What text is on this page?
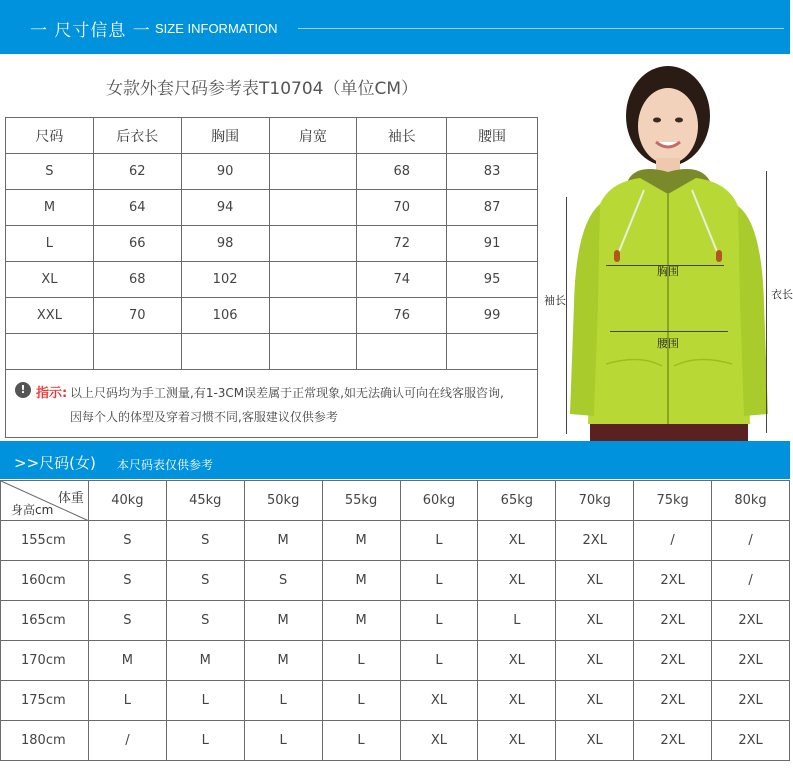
一 尺寸信息 一 SIZE INFORMATION
女款外套尺码参考表T10704（单位CM）
尺码	后衣长	胸围	肩宽	袖长	腰围
S	62	90		68	83
M	64	94		70	87
L	66	98		72	91
XL	68	102		74	95
XXL	70	106		76	99

! 指示: 以上尺码均为手工测量,有1-3CM误差属于正常现象,如无法确认可向在线客服咨询,
因每个人的体型及穿着习惯不同,客服建议仅供参考
胸围
腰围
袖长	衣长
>>尺码(女) 本尺码表仅供参考
体重
身高cm	40kg	45kg	50kg	55kg	60kg	65kg	70kg	75kg	80kg
155cm	S	S	M	M	L	XL	2XL	/	/
160cm	S	S	S	M	L	XL	XL	2XL	/
165cm	S	S	M	M	L	L	XL	2XL	2XL
170cm	M	M	M	L	L	XL	XL	2XL	2XL
175cm	L	L	L	L	XL	XL	XL	2XL	2XL
180cm	/	L	L	L	XL	XL	XL	2XL	2XL
